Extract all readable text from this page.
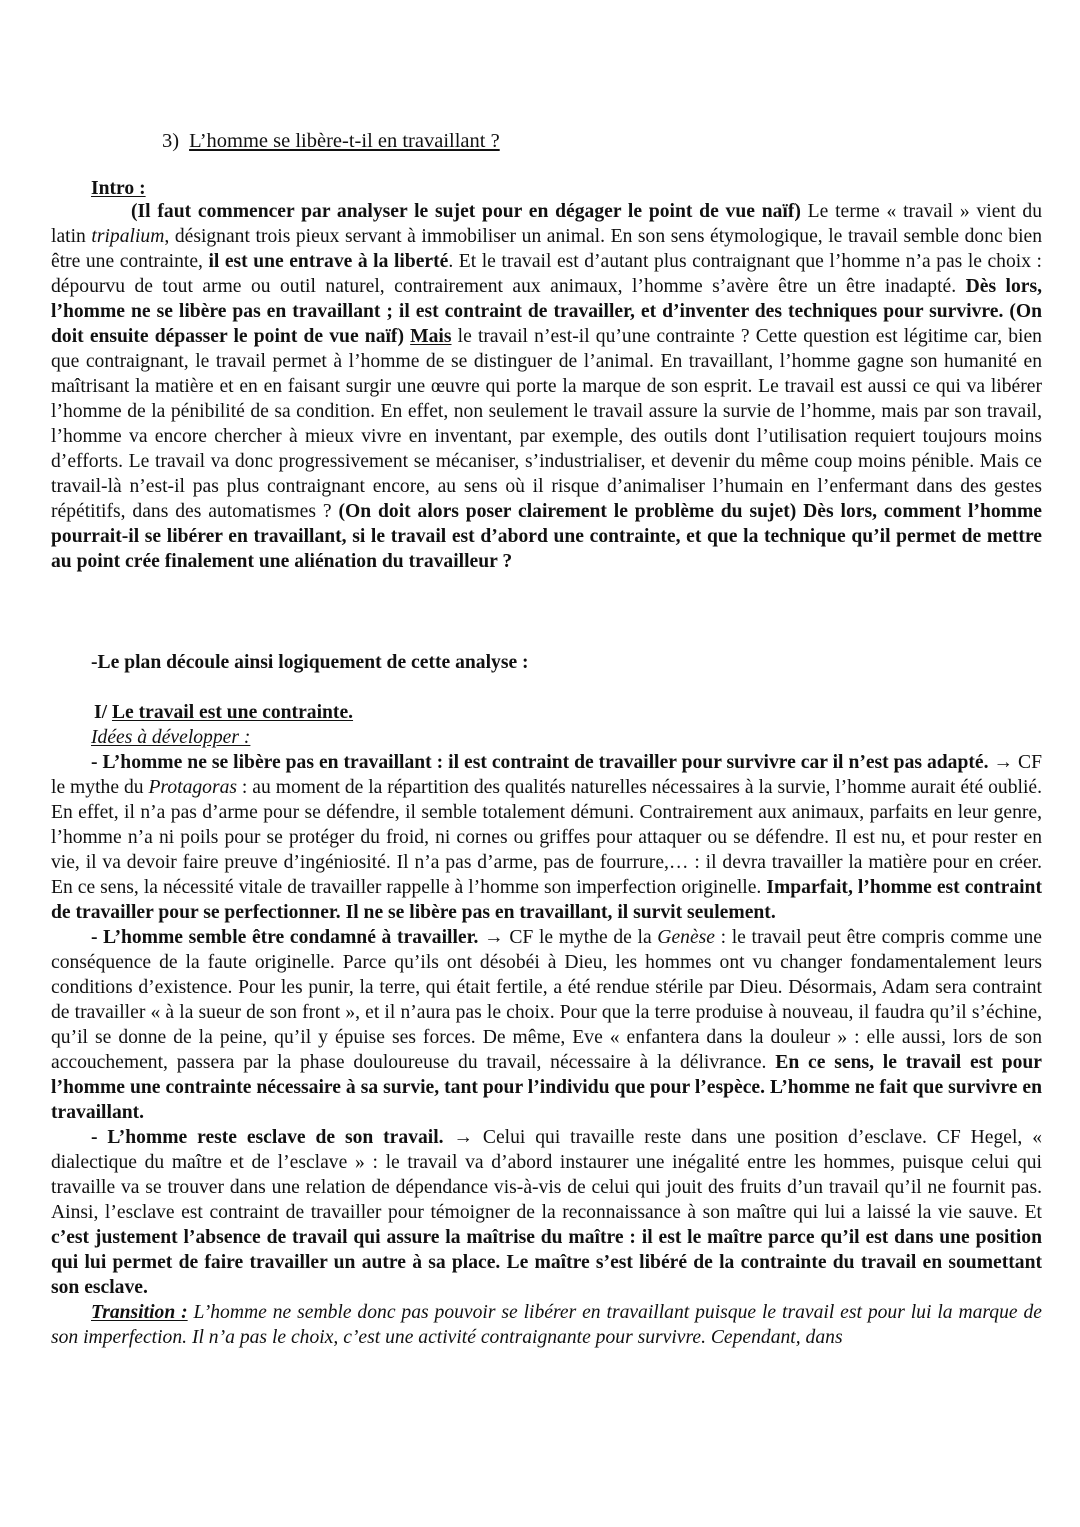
3) L’homme se libère-t-il en travaillant ?
Intro :

(Il faut commencer par analyser le sujet pour en dégager le point de vue naïf) Le terme « travail » vient du latin tripalium, désignant trois pieux servant à immobiliser un animal. En son sens étymologique, le travail semble donc bien être une contrainte, il est une entrave à la liberté. Et le travail est d’autant plus contraignant que l’homme n’a pas le choix : dépourvu de tout arme ou outil naturel, contrairement aux animaux, l’homme s’avère être un être inadapté. Dès lors, l’homme ne se libère pas en travaillant ; il est contraint de travailler, et d’inventer des techniques pour survivre. (On doit ensuite dépasser le point de vue naïf) Mais le travail n’est-il qu’une contrainte ? Cette question est légitime car, bien que contraignant, le travail permet à l’homme de se distinguer de l’animal. En travaillant, l’homme gagne son humanité en maîtrisant la matière et en en faisant surgir une œuvre qui porte la marque de son esprit. Le travail est aussi ce qui va libérer l’homme de la pénibilité de sa condition. En effet, non seulement le travail assure la survie de l’homme, mais par son travail, l’homme va encore chercher à mieux vivre en inventant, par exemple, des outils dont l’utilisation requiert toujours moins d’efforts. Le travail va donc progressivement se mécaniser, s’industrialiser, et devenir du même coup moins pénible. Mais ce travail-là n’est-il pas plus contraignant encore, au sens où il risque d’animaliser l’humain en l’enfermant dans des gestes répétitifs, dans des automatismes ? (On doit alors poser clairement le problème du sujet) Dès lors, comment l’homme pourrait-il se libérer en travaillant, si le travail est d’abord une contrainte, et que la technique qu’il permet de mettre au point crée finalement une aliénation du travailleur ?

-Le plan découle ainsi logiquement de cette analyse :
I/ Le travail est une contrainte.
Idées à développer :

- L’homme ne se libère pas en travaillant : il est contraint de travailler pour survivre car il n’est pas adapté. → CF le mythe du Protagoras : au moment de la répartition des qualités naturelles nécessaires à la survie, l’homme aurait été oublié. En effet, il n’a pas d’arme pour se défendre, il semble totalement démuni. Contrairement aux animaux, parfaits en leur genre, l’homme n’a ni poils pour se protéger du froid, ni cornes ou griffes pour attaquer ou se défendre. Il est nu, et pour rester en vie, il va devoir faire preuve d’ingéniosité. Il n’a pas d’arme, pas de fourrure,… : il devra travailler la matière pour en créer. En ce sens, la nécessité vitale de travailler rappelle à l’homme son imperfection originelle. Imparfait, l’homme est contraint de travailler pour se perfectionner. Il ne se libère pas en travaillant, il survit seulement.

- L’homme semble être condamné à travailler. → CF le mythe de la Genèse : le travail peut être compris comme une conséquence de la faute originelle. Parce qu’ils ont désobéi à Dieu, les hommes ont vu changer fondamentalement leurs conditions d’existence. Pour les punir, la terre, qui était fertile, a été rendue stérile par Dieu. Désormais, Adam sera contraint de travailler « à la sueur de son front », et il n’aura pas le choix. Pour que la terre produise à nouveau, il faudra qu’il s’échine, qu’il se donne de la peine, qu’il y épuise ses forces. De même, Eve « enfantera dans la douleur » : elle aussi, lors de son accouchement, passera par la phase douloureuse du travail, nécessaire à la délivrance. En ce sens, le travail est pour l’homme une contrainte nécessaire à sa survie, tant pour l’individu que pour l’espèce. L’homme ne fait que survivre en travaillant.

- L’homme reste esclave de son travail. → Celui qui travaille reste dans une position d’esclave. CF Hegel, « dialectique du maître et de l’esclave » : le travail va d’abord instaurer une inégalité entre les hommes, puisque celui qui travaille va se trouver dans une relation de dépendance vis-à-vis de celui qui jouit des fruits d’un travail qu’il ne fournit pas. Ainsi, l’esclave est contraint de travailler pour témoigner de la reconnaissance à son maître qui lui a laissé la vie sauve. Et c’est justement l’absence de travail qui assure la maîtrise du maître : il est le maître parce qu’il est dans une position qui lui permet de faire travailler un autre à sa place. Le maître s’est libéré de la contrainte du travail en soumettant son esclave.

Transition : L’homme ne semble donc pas pouvoir se libérer en travaillant puisque le travail est pour lui la marque de son imperfection. Il n’a pas le choix, c’est une activité contraignante pour survivre. Cependant, dans
